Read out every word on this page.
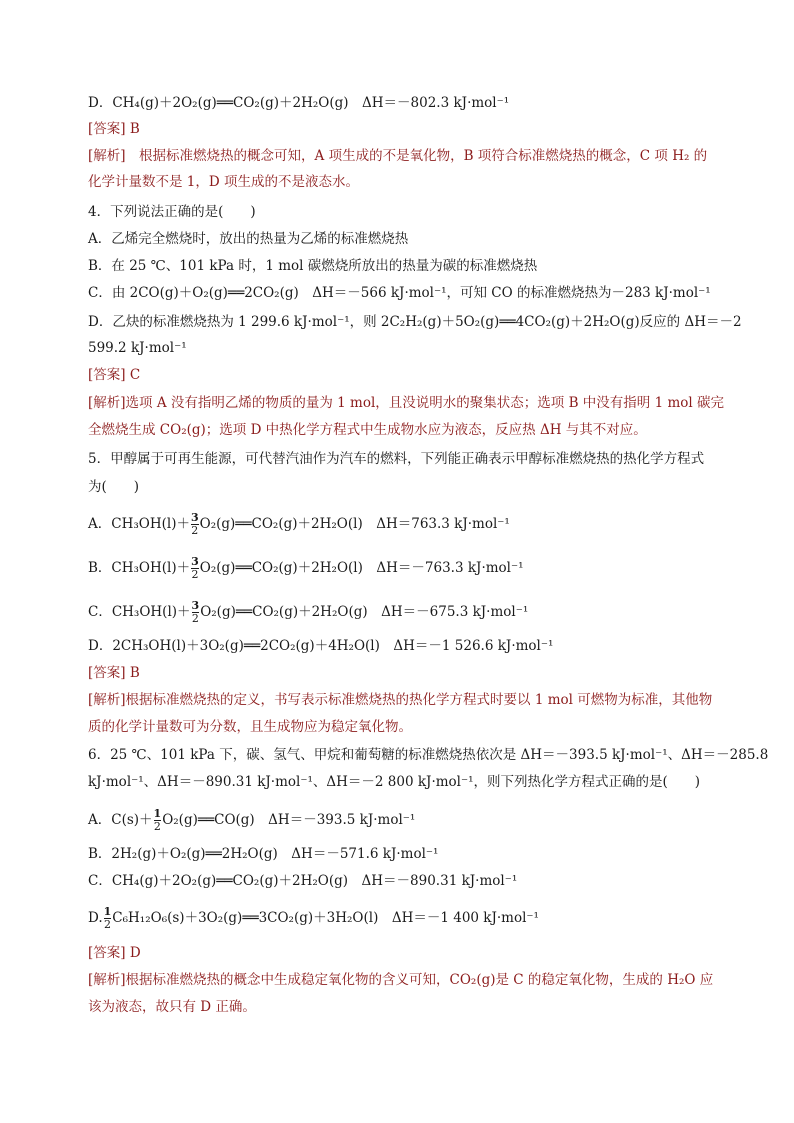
D．CH₄(g)＋2O₂(g)══CO₂(g)＋2H₂O(g)　ΔH＝－802.3 kJ·mol⁻¹
[答案] B
[解析]　根据标准燃烧热的概念可知，A 项生成的不是氧化物，B 项符合标准燃烧热的概念，C 项 H₂ 的
化学计量数不是 1，D 项生成的不是液态水。
4．下列说法正确的是(　　)
A．乙烯完全燃烧时，放出的热量为乙烯的标准燃烧热
B．在 25 ℃、101 kPa 时，1 mol 碳燃烧所放出的热量为碳的标准燃烧热
C．由 2CO(g)＋O₂(g)══2CO₂(g)　ΔH＝－566 kJ·mol⁻¹，可知 CO 的标准燃烧热为－283 kJ·mol⁻¹
D．乙炔的标准燃烧热为 1 299.6 kJ·mol⁻¹，则 2C₂H₂(g)＋5O₂(g)══4CO₂(g)＋2H₂O(g)反应的 ΔH＝－2
599.2 kJ·mol⁻¹
[答案] C
[解析]选项 A 没有指明乙烯的物质的量为 1 mol，且没说明水的聚集状态；选项 B 中没有指明 1 mol 碳完
全燃烧生成 CO₂(g)；选项 D 中热化学方程式中生成物水应为液态，反应热 ΔH 与其不对应。
5．甲醇属于可再生能源，可代替汽油作为汽车的燃料，下列能正确表示甲醇标准燃烧热的热化学方程式
为(　　)
A．$CH_3OH(l)+ \frac{3}{2}$ O₂(g)══CO₂(g)＋2H₂O(l)　ΔH＝763.3 kJ·mol⁻¹
B．$CH_3OH(l)+ \frac{3}{2}$ O₂(g)══CO₂(g)＋2H₂O(l)　ΔH＝－763.3 kJ·mol⁻¹
C．$CH_3OH(l)+ \frac{3}{2}$ O₂(g)══CO₂(g)＋2H₂O(g)　ΔH＝－675.3 kJ·mol⁻¹
D．2CH₃OH(l)＋3O₂(g)══2CO₂(g)＋4H₂O(l)　ΔH＝－1 526.6 kJ·mol⁻¹
[答案] B
[解析]根据标准燃烧热的定义，书写表示标准燃烧热的热化学方程式时要以 1 mol 可燃物为标准，其他物
质的化学计量数可为分数，且生成物应为稳定氧化物。
6．25 ℃、101 kPa 下，碳、氢气、甲烷和葡萄糖的标准燃烧热依次是 ΔH＝－393.5 kJ·mol⁻¹、ΔH＝－285.8
kJ·mol⁻¹、ΔH＝－890.31 kJ·mol⁻¹、ΔH＝－2 800 kJ·mol⁻¹，则下列热化学方程式正确的是(　　)
A．$C(s)+ \frac{1}{2}$ O₂(g)══CO(g)　ΔH＝－393.5 kJ·mol⁻¹
B．2H₂(g)＋O₂(g)══2H₂O(g)　ΔH＝－571.6 kJ·mol⁻¹
C．CH₄(g)＋2O₂(g)══CO₂(g)＋2H₂O(g)　ΔH＝－890.31 kJ·mol⁻¹
D. $\frac{1}{2}$ C₆H₁₂O₆(s)＋3O₂(g)══3CO₂(g)＋3H₂O(l)　ΔH＝－1 400 kJ·mol⁻¹
[答案] D
[解析]根据标准燃烧热的概念中生成稳定氧化物的含义可知，CO₂(g)是 C 的稳定氧化物，生成的 H₂O 应
该为液态，故只有 D 正确。
